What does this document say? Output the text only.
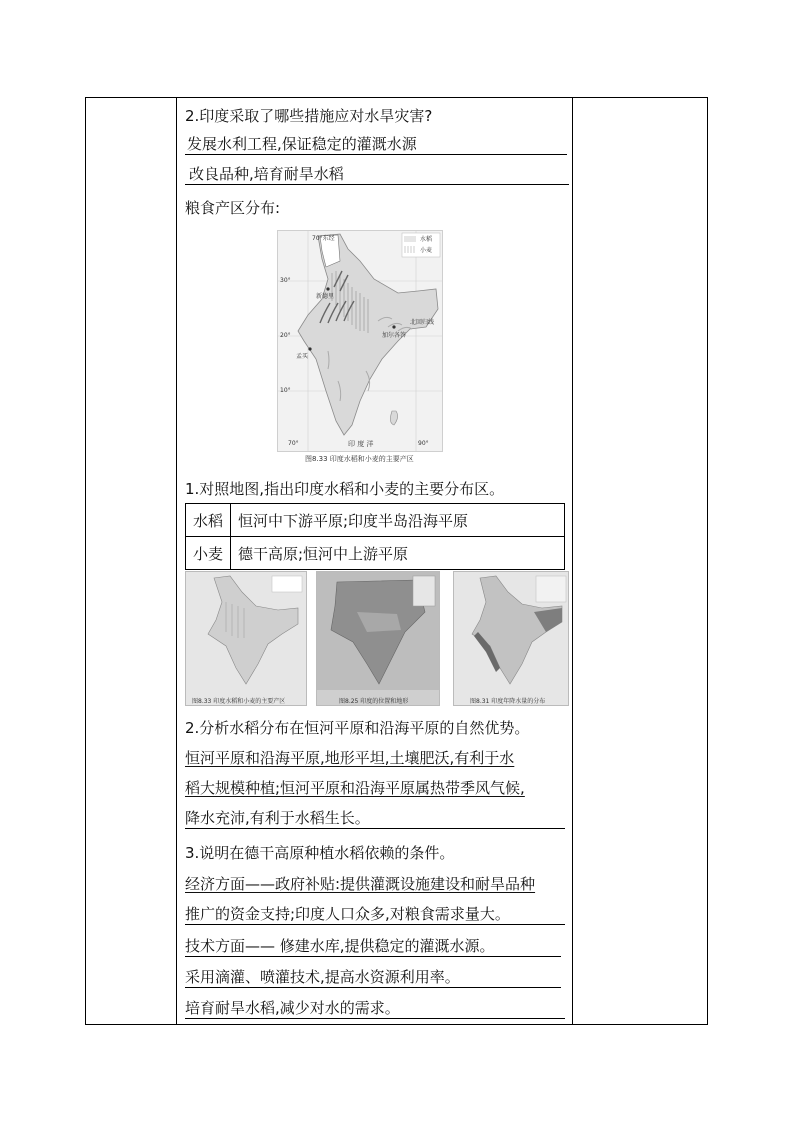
2.印度采取了哪些措施应对水旱灾害?
发展水利工程,保证稳定的灌溉水源
改良品种,培育耐旱水稻
粮食产区分布:
水稻
小麦
70°东经
30°
20°
10°
新德里
孟买
加尔各答
北回归线
印 度 洋
70°	90°
图8.33 印度水稻和小麦的主要产区
1.对照地图,指出印度水稻和小麦的主要分布区。
水稻	恒河中下游平原;印度半岛沿海平原
小麦	德干高原;恒河中上游平原
图8.33 印度水稻和小麦的主要产区	图8.25 印度的位置和地形	图8.31 印度年降水量的分布
2.分析水稻分布在恒河平原和沿海平原的自然优势。
恒河平原和沿海平原,地形平坦,土壤肥沃,有利于水
稻大规模种植;恒河平原和沿海平原属热带季风气候,
降水充沛,有利于水稻生长。
3.说明在德干高原种植水稻依赖的条件。
经济方面——政府补贴:提供灌溉设施建设和耐旱品种
推广的资金支持;印度人口众多,对粮食需求量大。
技术方面—— 修建水库,提供稳定的灌溉水源。
采用滴灌、喷灌技术,提高水资源利用率。
培育耐旱水稻,减少对水的需求。
